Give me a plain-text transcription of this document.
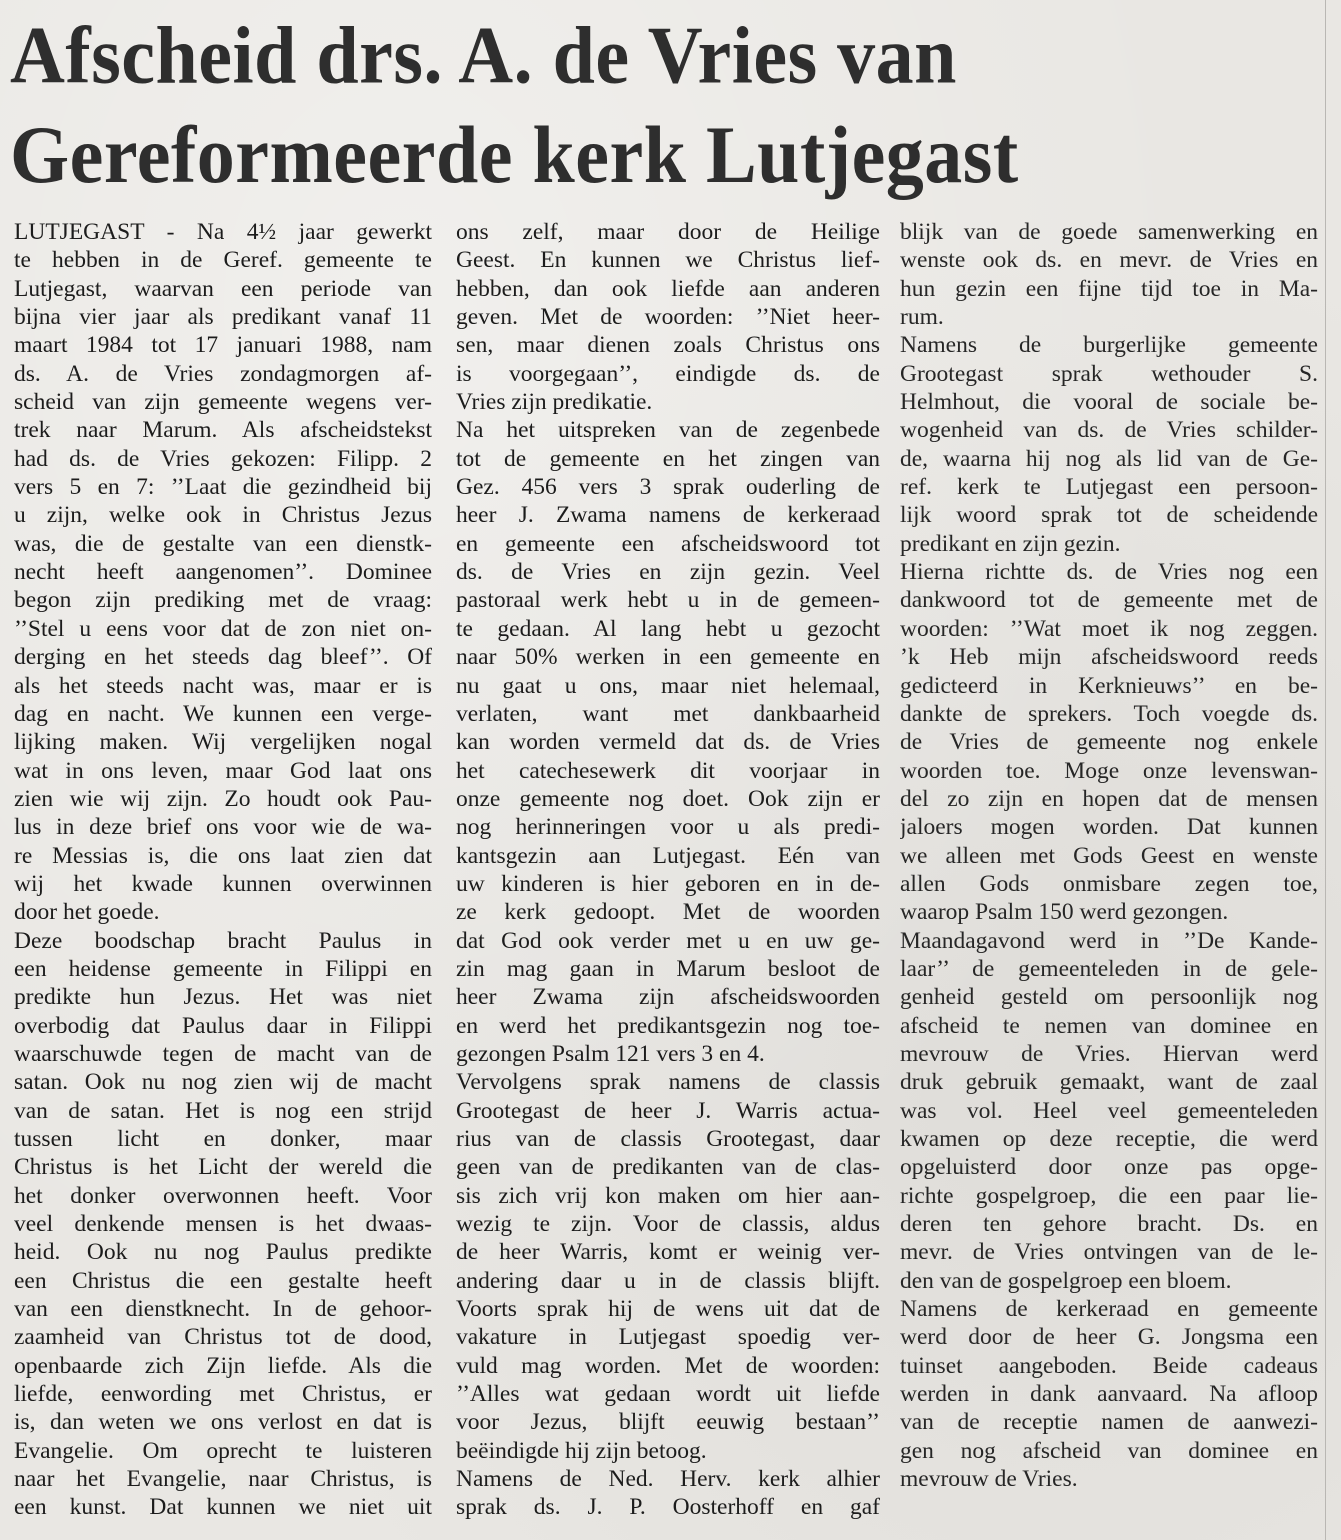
Afscheid drs. A. de Vries van
Gereformeerde kerk Lutjegast
LUTJEGAST - Na 4½ jaar gewerkt
te hebben in de Geref. gemeente te
Lutjegast, waarvan een periode van
bijna vier jaar als predikant vanaf 11
maart 1984 tot 17 januari 1988, nam
ds. A. de Vries zondagmorgen af-
scheid van zijn gemeente wegens ver-
trek naar Marum. Als afscheidstekst
had ds. de Vries gekozen: Filipp. 2
vers 5 en 7: ’’Laat die gezindheid bij
u zijn, welke ook in Christus Jezus
was, die de gestalte van een dienstk-
necht heeft aangenomen’’. Dominee
begon zijn prediking met de vraag:
’’Stel u eens voor dat de zon niet on-
derging en het steeds dag bleef’’. Of
als het steeds nacht was, maar er is
dag en nacht. We kunnen een verge-
lijking maken. Wij vergelijken nogal
wat in ons leven, maar God laat ons
zien wie wij zijn. Zo houdt ook Pau-
lus in deze brief ons voor wie de wa-
re Messias is, die ons laat zien dat
wij het kwade kunnen overwinnen
door het goede.
Deze boodschap bracht Paulus in
een heidense gemeente in Filippi en
predikte hun Jezus. Het was niet
overbodig dat Paulus daar in Filippi
waarschuwde tegen de macht van de
satan. Ook nu nog zien wij de macht
van de satan. Het is nog een strijd
tussen licht en donker, maar
Christus is het Licht der wereld die
het donker overwonnen heeft. Voor
veel denkende mensen is het dwaas-
heid. Ook nu nog Paulus predikte
een Christus die een gestalte heeft
van een dienstknecht. In de gehoor-
zaamheid van Christus tot de dood,
openbaarde zich Zijn liefde. Als die
liefde, eenwording met Christus, er
is, dan weten we ons verlost en dat is
Evangelie. Om oprecht te luisteren
naar het Evangelie, naar Christus, is
een kunst. Dat kunnen we niet uit
ons zelf, maar door de Heilige
Geest. En kunnen we Christus lief-
hebben, dan ook liefde aan anderen
geven. Met de woorden: ’’Niet heer-
sen, maar dienen zoals Christus ons
is voorgegaan’’, eindigde ds. de
Vries zijn predikatie.
Na het uitspreken van de zegenbede
tot de gemeente en het zingen van
Gez. 456 vers 3 sprak ouderling de
heer J. Zwama namens de kerkeraad
en gemeente een afscheidswoord tot
ds. de Vries en zijn gezin. Veel
pastoraal werk hebt u in de gemeen-
te gedaan. Al lang hebt u gezocht
naar 50% werken in een gemeente en
nu gaat u ons, maar niet helemaal,
verlaten, want met dankbaarheid
kan worden vermeld dat ds. de Vries
het catechesewerk dit voorjaar in
onze gemeente nog doet. Ook zijn er
nog herinneringen voor u als predi-
kantsgezin aan Lutjegast. Eén van
uw kinderen is hier geboren en in de-
ze kerk gedoopt. Met de woorden
dat God ook verder met u en uw ge-
zin mag gaan in Marum besloot de
heer Zwama zijn afscheidswoorden
en werd het predikantsgezin nog toe-
gezongen Psalm 121 vers 3 en 4.
Vervolgens sprak namens de classis
Grootegast de heer J. Warris actua-
rius van de classis Grootegast, daar
geen van de predikanten van de clas-
sis zich vrij kon maken om hier aan-
wezig te zijn. Voor de classis, aldus
de heer Warris, komt er weinig ver-
andering daar u in de classis blijft.
Voorts sprak hij de wens uit dat de
vakature in Lutjegast spoedig ver-
vuld mag worden. Met de woorden:
’’Alles wat gedaan wordt uit liefde
voor Jezus, blijft eeuwig bestaan’’
beëindigde hij zijn betoog.
Namens de Ned. Herv. kerk alhier
sprak ds. J. P. Oosterhoff en gaf
blijk van de goede samenwerking en
wenste ook ds. en mevr. de Vries en
hun gezin een fijne tijd toe in Ma-
rum.
Namens de burgerlijke gemeente
Grootegast sprak wethouder S.
Helmhout, die vooral de sociale be-
wogenheid van ds. de Vries schilder-
de, waarna hij nog als lid van de Ge-
ref. kerk te Lutjegast een persoon-
lijk woord sprak tot de scheidende
predikant en zijn gezin.
Hierna richtte ds. de Vries nog een
dankwoord tot de gemeente met de
woorden: ’’Wat moet ik nog zeggen.
’k Heb mijn afscheidswoord reeds
gedicteerd in Kerknieuws’’ en be-
dankte de sprekers. Toch voegde ds.
de Vries de gemeente nog enkele
woorden toe. Moge onze levenswan-
del zo zijn en hopen dat de mensen
jaloers mogen worden. Dat kunnen
we alleen met Gods Geest en wenste
allen Gods onmisbare zegen toe,
waarop Psalm 150 werd gezongen.
Maandagavond werd in ’’De Kande-
laar’’ de gemeenteleden in de gele-
genheid gesteld om persoonlijk nog
afscheid te nemen van dominee en
mevrouw de Vries. Hiervan werd
druk gebruik gemaakt, want de zaal
was vol. Heel veel gemeenteleden
kwamen op deze receptie, die werd
opgeluisterd door onze pas opge-
richte gospelgroep, die een paar lie-
deren ten gehore bracht. Ds. en
mevr. de Vries ontvingen van de le-
den van de gospelgroep een bloem.
Namens de kerkeraad en gemeente
werd door de heer G. Jongsma een
tuinset aangeboden. Beide cadeaus
werden in dank aanvaard. Na afloop
van de receptie namen de aanwezi-
gen nog afscheid van dominee en
mevrouw de Vries.
